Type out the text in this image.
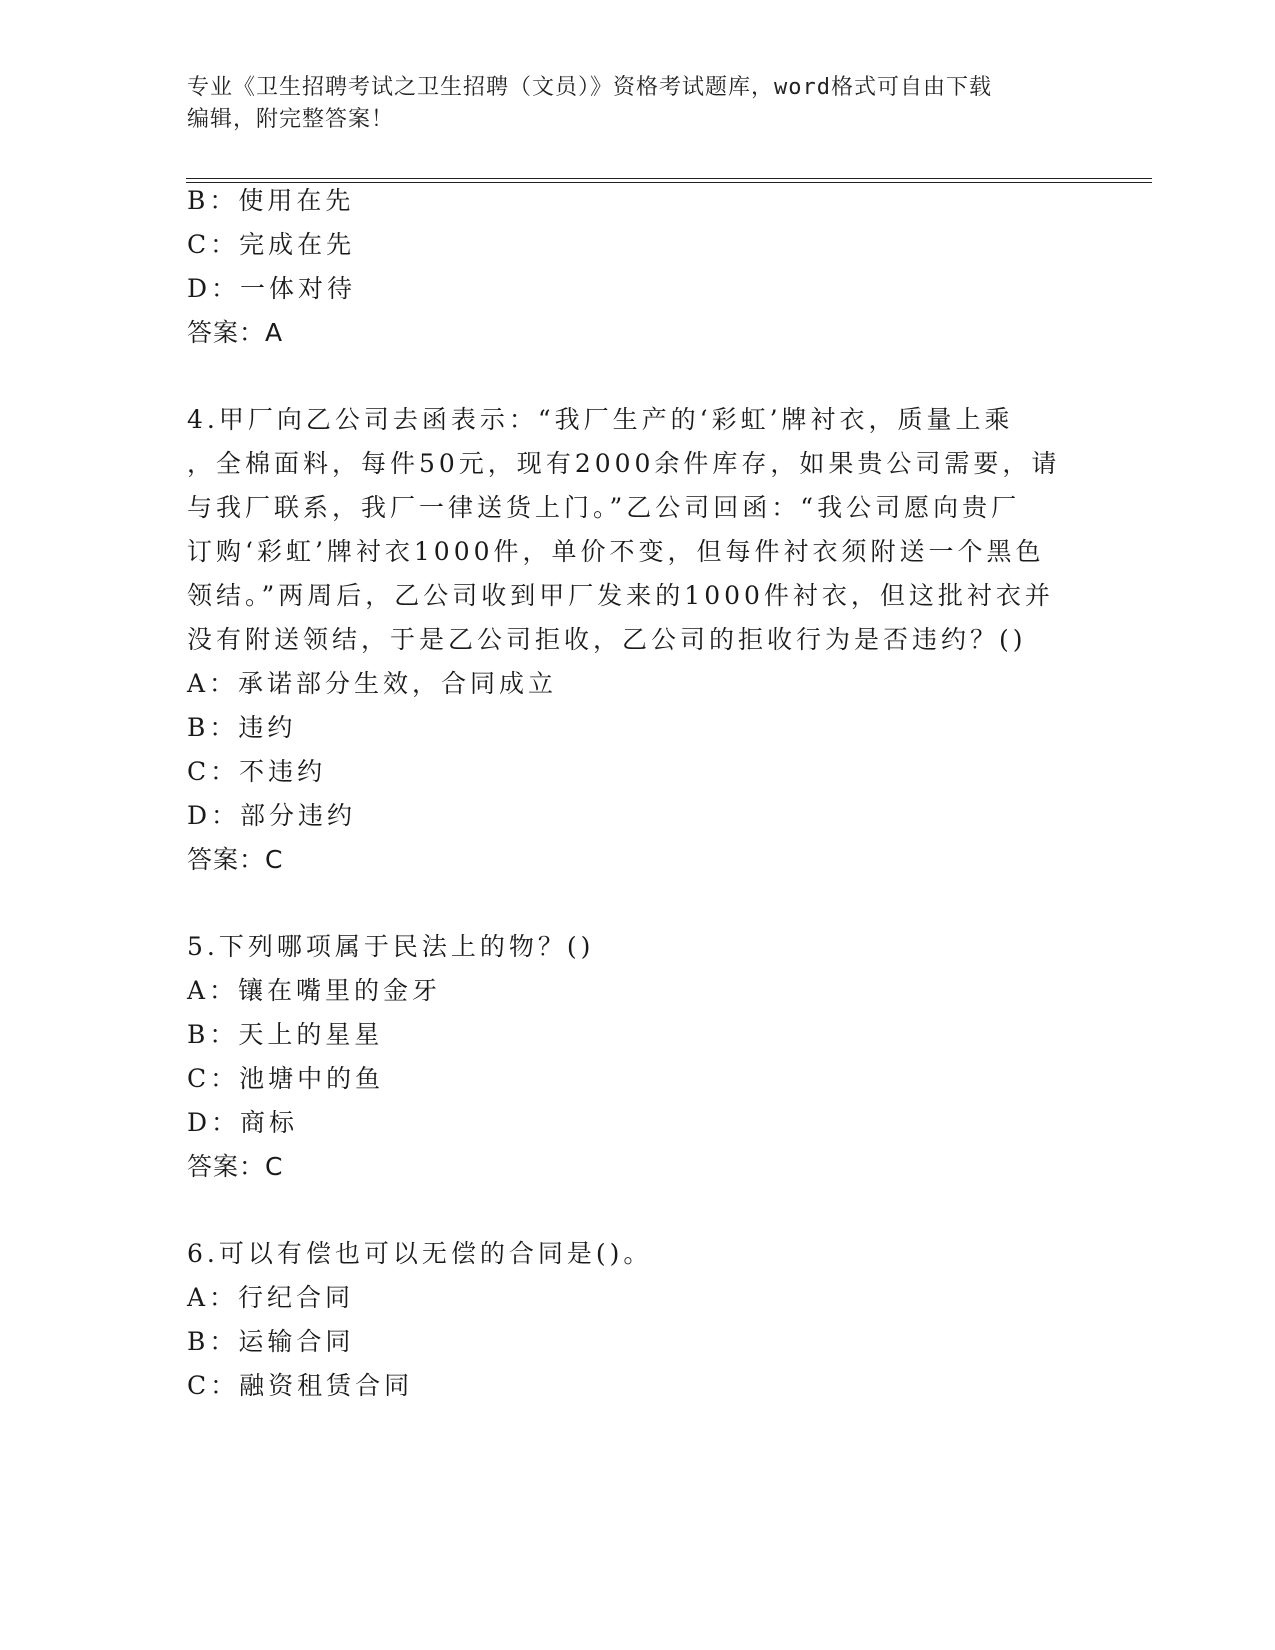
专业《卫生招聘考试之卫生招聘（文员）》资格考试题库，word格式可自由下载
编辑，附完整答案！
B：使用在先
C：完成在先
D：一体对待
答案：A
4.甲厂向乙公司去函表示：“我厂生产的‘彩虹’牌衬衣，质量上乘
，全棉面料，每件50元，现有2000余件库存，如果贵公司需要，请
与我厂联系，我厂一律送货上门。”乙公司回函：“我公司愿向贵厂
订购‘彩虹’牌衬衣1000件，单价不变，但每件衬衣须附送一个黑色
领结。”两周后，乙公司收到甲厂发来的1000件衬衣，但这批衬衣并
没有附送领结，于是乙公司拒收，乙公司的拒收行为是否违约？()
A：承诺部分生效，合同成立
B：违约
C：不违约
D：部分违约
答案：C
5.下列哪项属于民法上的物？()
A：镶在嘴里的金牙
B：天上的星星
C：池塘中的鱼
D：商标
答案：C
6.可以有偿也可以无偿的合同是()。
A：行纪合同
B：运输合同
C：融资租赁合同
